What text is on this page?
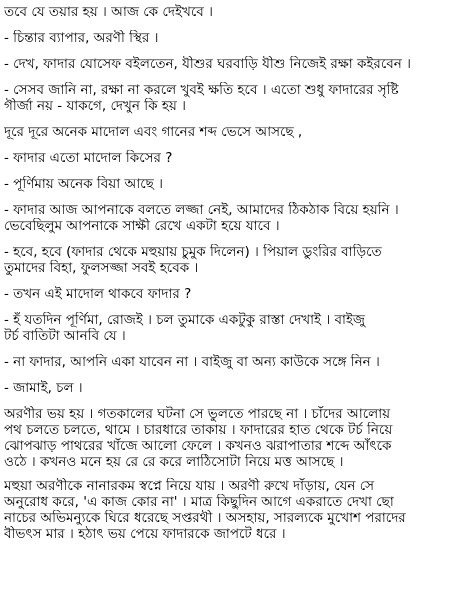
তবে যে তয়ার হয় । আজ কে দেইখবে ।
- চিন্তার ব্যাপার, অরণী স্থির ।
- দেখ, ফাদার যোসেফ বইলতেন, যীশুর ঘরবাড়ি যীশু নিজেই রক্ষা কইরবেন ।
- সেসব জানি না, রক্ষা না করলে খুবই ক্ষতি হবে । এতো শুধু ফাদারের সৃষ্টি
গীর্জা নয় - যাকগে, দেখুন কি হয় ।
দূরে দূরে অনেক মাদোল এবং গানের শব্দ ভেসে আসছে ,
- ফাদার এতো মাদোল কিসের ?
- পূর্ণিমায় অনেক বিয়া আছে ।
- ফাদার আজ আপনাকে বলতে লজ্জা নেই, আমাদের ঠিকঠাক বিয়ে হয়নি ।
ভেবেছিলুম আপনাকে সাক্ষী রেখে একটা হয়ে যাবে ।
- হবে, হবে (ফাদার থেকে মহুয়ায় চুমুক দিলেন) । পিয়াল ডুংরির বাড়িতে
তুমাদের বিহা, ফুলসজ্জা সবই হবেক ।
- তখন এই মাদোল থাকবে ফাদার ?
- হঁ যতদিন পূর্ণিমা, রোজই । চল তুমাকে একটুকু রাস্তা দেখাই । বাইজু
টর্চ বাতিটা আনবি যে ।
- না ফাদার, আপনি একা যাবেন না । বাইজু বা অন্য কাউকে সঙ্গে নিন ।
- জামাই, চল ।
অরণীর ভয় হয় । গতকালের ঘটনা সে ভুলতে পারছে না । চাঁদের আলোয়
পথ চলতে চলতে, থামে । চারধারে তাকায় । ফাদারের হাত থেকে টর্চ নিয়ে
ঝোপঝাড় পাথরের খাঁজে আলো ফেলে । কখনও ঝরাপাতার শব্দে আঁৎকে
ওঠে । কখনও মনে হয় রে রে করে লাঠিসোটা নিয়ে মত্ত আসছে ।
মহুয়া অরণীকে নানারকম স্বপ্নে নিয়ে যায় । অরণী রুখে দাঁড়ায়, যেন সে
অনুরোধ করে, 'এ কাজ কোর না' । মাত্র কিছুদিন আগে একরাতে দেখা ছো
নাচের অভিমন্যুকে ঘিরে ধরেছে সপ্তরথী । অসহায়, সারল্যকে মুখোশ পরাদের
বীভৎস মার । হঠাৎ ভয় পেয়ে ফাদারকে জাপটে ধরে ।
